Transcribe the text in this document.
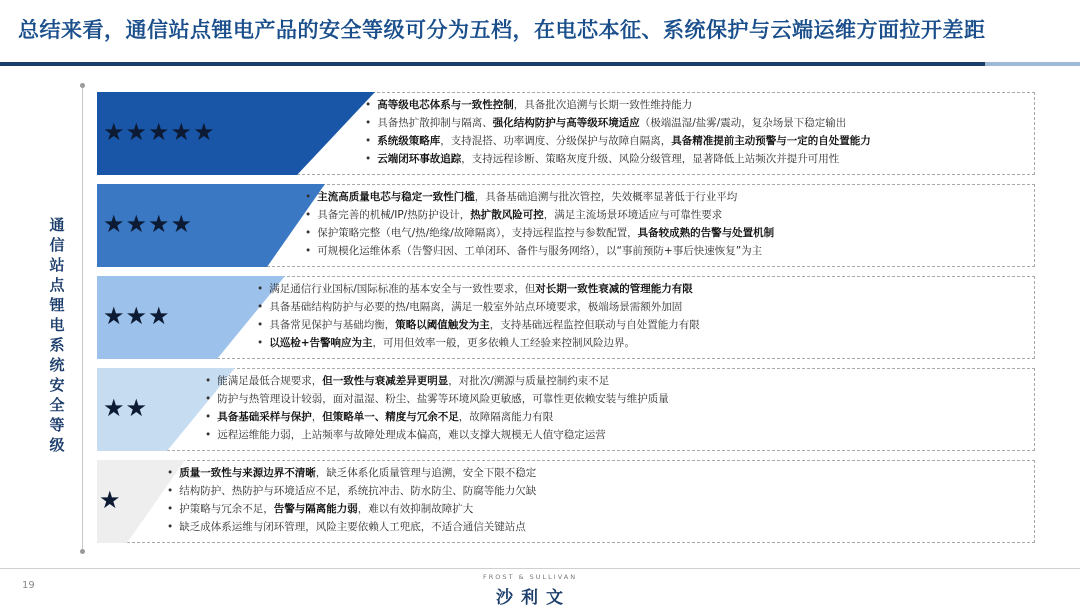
总结来看，通信站点锂电产品的安全等级可分为五档，在电芯本征、系统保护与云端运维方面拉开差距
通信站点锂电系统安全等级
★★★★★
• 高等级电芯体系与一致性控制，具备批次追溯与长期一致性维持能力
• 具备热扩散抑制与隔离、强化结构防护与高等级环境适应（极端温湿/盐雾/震动，复杂场景下稳定输出
• 系统级策略库，支持混搭、功率调度、分级保护与故障自隔离，具备精准提前主动预警与一定的自处置能力
• 云端闭环事故追踪，支持远程诊断、策略灰度升级、风险分级管理，显著降低上站频次并提升可用性
★★★★
• 主流高质量电芯与稳定一致性门槛，具备基础追溯与批次管控，失效概率显著低于行业平均
• 具备完善的机械/IP/热防护设计，热扩散风险可控，满足主流场景环境适应与可靠性要求
• 保护策略完整（电气/热/绝缘/故障隔离），支持远程监控与参数配置，具备较成熟的告警与处置机制
• 可规模化运维体系（告警归因、工单闭环、备件与服务网络），以“事前预防+事后快速恢复”为主
★★★
• 满足通信行业国标/国际标准的基本安全与一致性要求，但对长期一致性衰减的管理能力有限
• 具备基础结构防护与必要的热/电隔离，满足一般室外站点环境要求，极端场景需额外加固
• 具备常见保护与基础均衡，策略以阈值触发为主，支持基础远程监控但联动与自处置能力有限
• 以巡检+告警响应为主，可用但效率一般，更多依赖人工经验来控制风险边界。
★★
• 能满足最低合规要求，但一致性与衰减差异更明显，对批次/溯源与质量控制约束不足
• 防护与热管理设计较弱，面对温湿、粉尘、盐雾等环境风险更敏感，可靠性更依赖安装与维护质量
• 具备基础采样与保护，但策略单一、精度与冗余不足，故障隔离能力有限
• 远程运维能力弱，上站频率与故障处理成本偏高，难以支撑大规模无人值守稳定运营
★
• 质量一致性与来源边界不清晰，缺乏体系化质量管理与追溯，安全下限不稳定
• 结构防护、热防护与环境适应不足，系统抗冲击、防水防尘、防腐等能力欠缺
• 护策略与冗余不足，告警与隔离能力弱，难以有效抑制故障扩大
• 缺乏成体系运维与闭环管理，风险主要依赖人工兜底，不适合通信关键站点
19
FROST & SULLIVAN
沙利文
